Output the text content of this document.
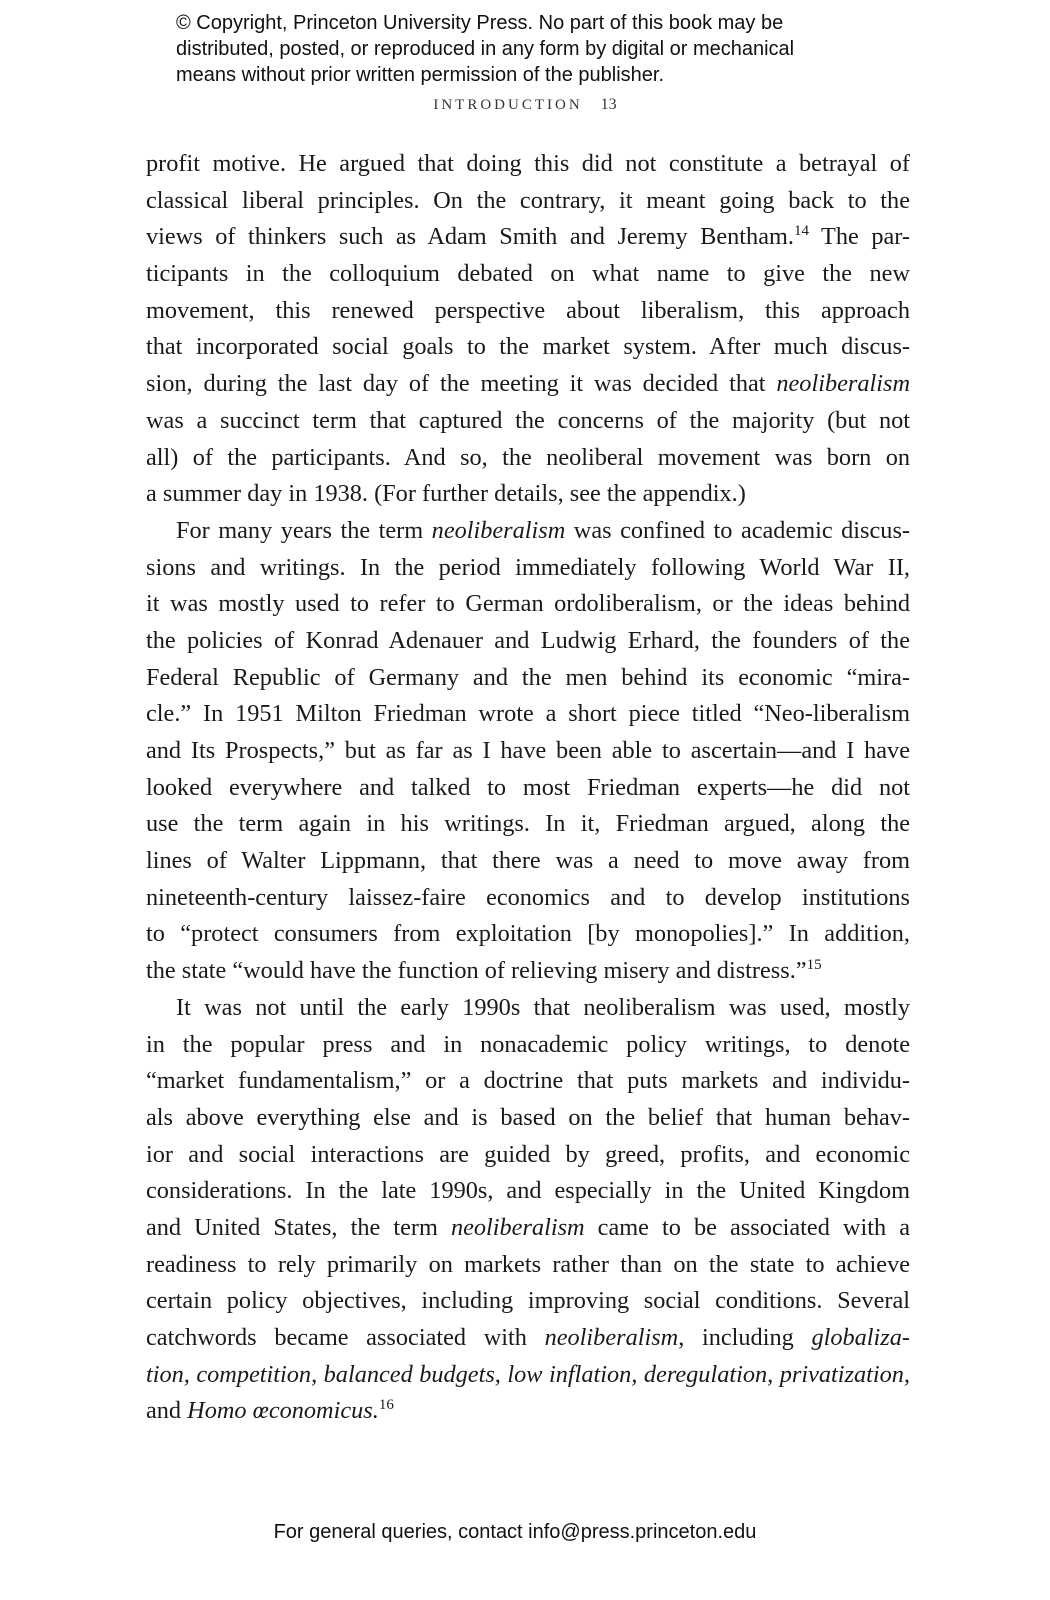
© Copyright, Princeton University Press. No part of this book may be
distributed, posted, or reproduced in any form by digital or mechanical
means without prior written permission of the publisher.
INTRODUCTION 13
profit motive. He argued that doing this did not constitute a betrayal of
classical liberal principles. On the contrary, it meant going back to the
views of thinkers such as Adam Smith and Jeremy Bentham.$^{14}$ The par-
ticipants in the colloquium debated on what name to give the new
movement, this renewed perspective about liberalism, this approach
that incorporated social goals to the market system. After much discus-
sion, during the last day of the meeting it was decided that neoliberalism
was a succinct term that captured the concerns of the majority (but not
all) of the participants. And so, the neoliberal movement was born on
a summer day in 1938. (For further details, see the appendix.)
For many years the term neoliberalism was confined to academic discus-
sions and writings. In the period immediately following World War II,
it was mostly used to refer to German ordoliberalism, or the ideas behind
the policies of Konrad Adenauer and Ludwig Erhard, the founders of the
Federal Republic of Germany and the men behind its economic “mira-
cle.” In 1951 Milton Friedman wrote a short piece titled “Neo-liberalism
and Its Prospects,” but as far as I have been able to ascertain—and I have
looked everywhere and talked to most Friedman experts—he did not
use the term again in his writings. In it, Friedman argued, along the
lines of Walter Lippmann, that there was a need to move away from
nineteenth-century laissez-faire economics and to develop institutions
to “protect consumers from exploitation [by monopolies].” In addition,
the state “would have the function of relieving misery and distress.”$^{15}$
It was not until the early 1990s that neoliberalism was used, mostly
in the popular press and in nonacademic policy writings, to denote
“market fundamentalism,” or a doctrine that puts markets and individu-
als above everything else and is based on the belief that human behav-
ior and social interactions are guided by greed, profits, and economic
considerations. In the late 1990s, and especially in the United Kingdom
and United States, the term neoliberalism came to be associated with a
readiness to rely primarily on markets rather than on the state to achieve
certain policy objectives, including improving social conditions. Several
catchwords became associated with neoliberalism, including globaliza-
tion, competition, balanced budgets, low inflation, deregulation, privatization,
and Homo œconomicus.$^{16}$
For general queries, contact info@press.princeton.edu
